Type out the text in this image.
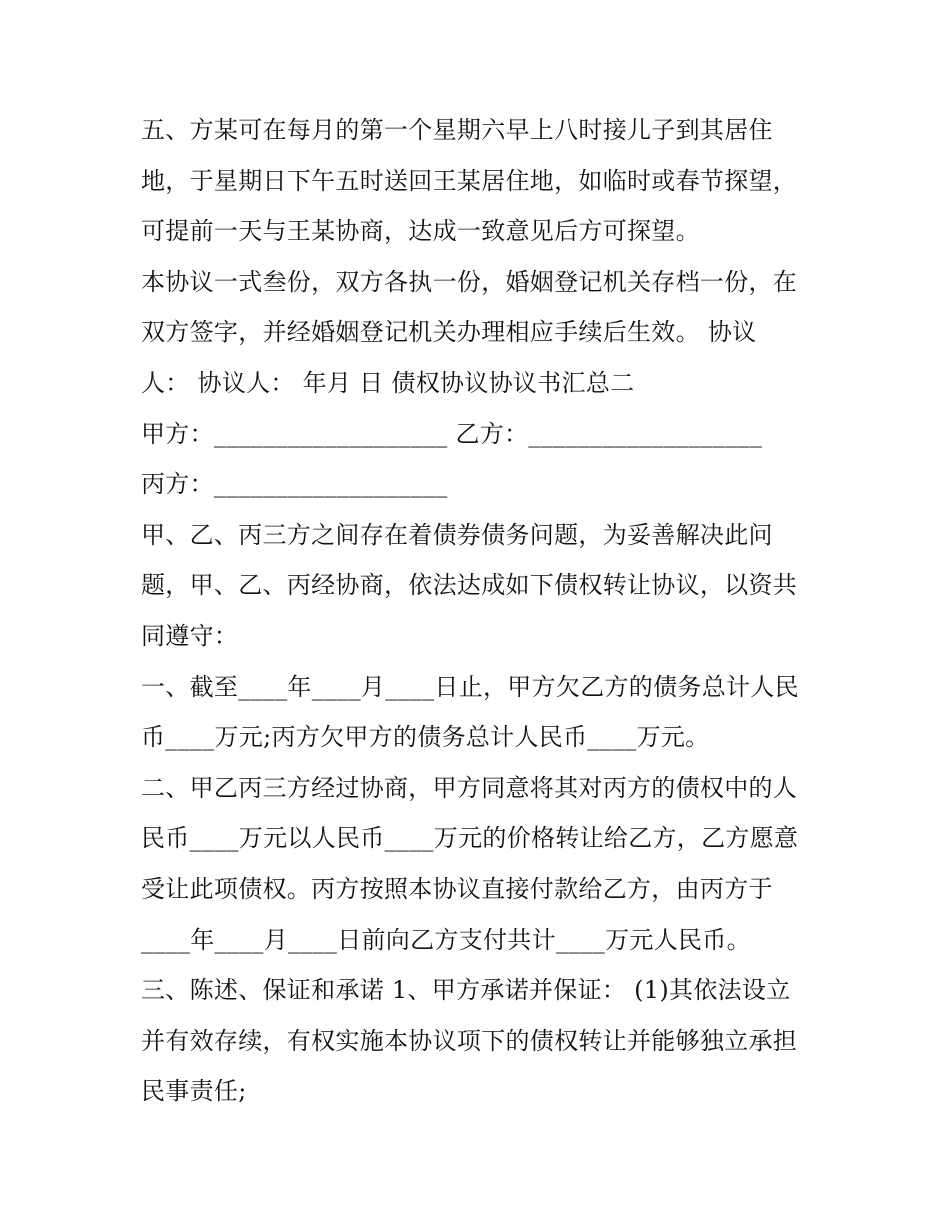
五、方某可在每月的第一个星期六早上八时接儿子到其居住
地，于星期日下午五时送回王某居住地，如临时或春节探望，
可提前一天与王某协商，达成一致意见后方可探望。
本协议一式叁份，双方各执一份，婚姻登记机关存档一份，在
双方签字，并经婚姻登记机关办理相应手续后生效。 协议
人： 协议人： 年月 日 债权协议协议书汇总二
甲方：___________________ 乙方：___________________
丙方：___________________
甲、乙、丙三方之间存在着债券债务问题，为妥善解决此问
题，甲、乙、丙经协商，依法达成如下债权转让协议，以资共
同遵守：
一、截至____年____月____日止，甲方欠乙方的债务总计人民
币____万元;丙方欠甲方的债务总计人民币____万元。
二、甲乙丙三方经过协商，甲方同意将其对丙方的债权中的人
民币____万元以人民币____万元的价格转让给乙方，乙方愿意
受让此项债权。丙方按照本协议直接付款给乙方，由丙方于
____年____月____日前向乙方支付共计____万元人民币。
三、陈述、保证和承诺 1、甲方承诺并保证： (1)其依法设立
并有效存续，有权实施本协议项下的债权转让并能够独立承担
民事责任;
